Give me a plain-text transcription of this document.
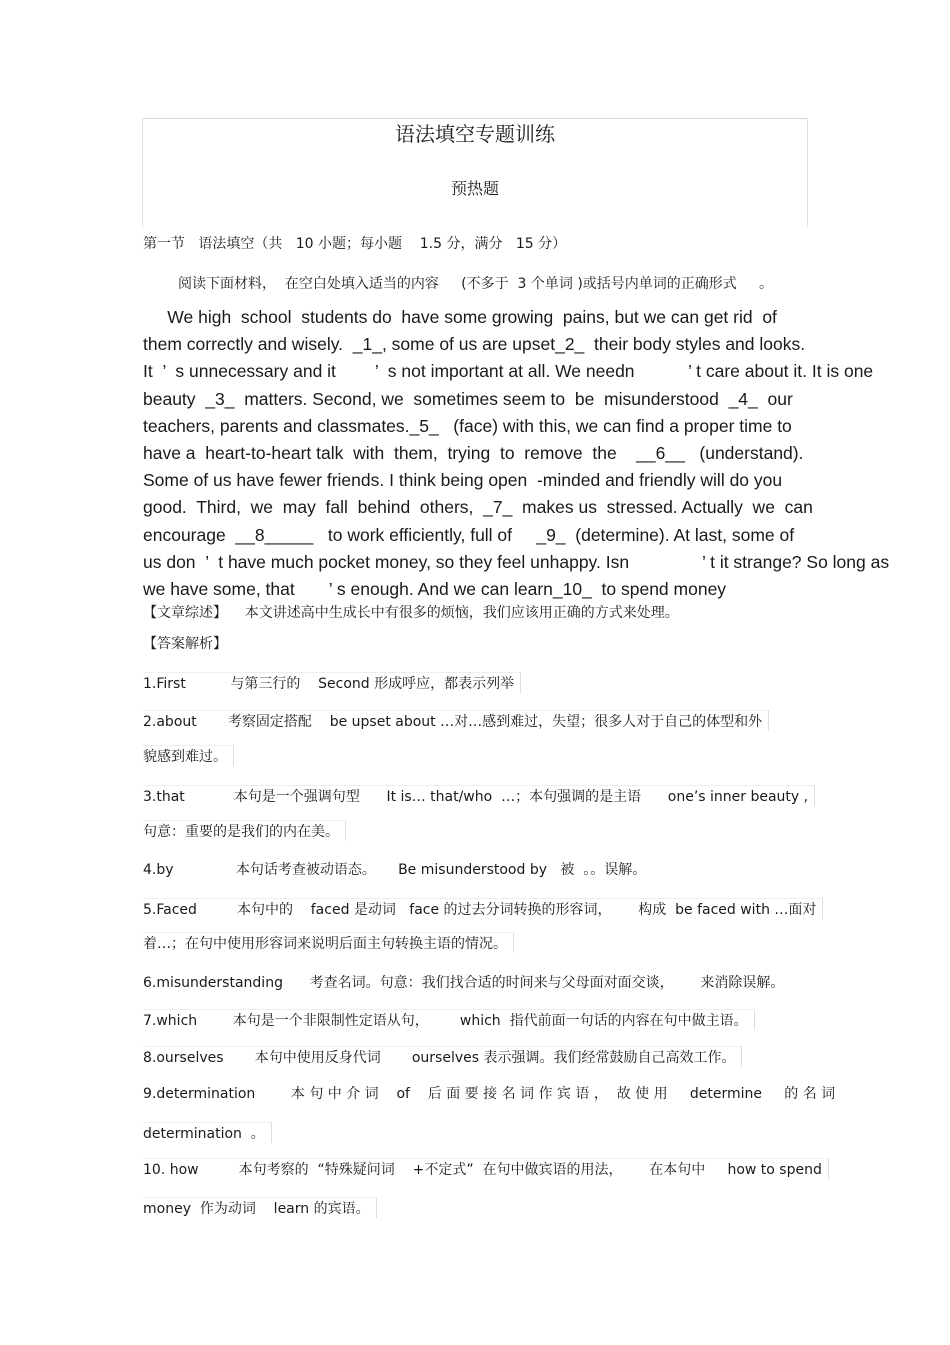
语法填空专题训练
预热题
第一节   语法填空（共   10 小题；每小题    1.5 分，满分   15 分）
阅读下面材料，  在空白处填入适当的内容     (不多于  3 个单词 )或括号内单词的正确形式     。
We high  school  students do  have some growing  pains, but we can get rid  of
them correctly and wisely.  _1_, some of us are upset_2_  their body styles and looks.
It  ’  s unnecessary and it        ’  s not important at all. We needn           ’ t care about it. It is one
beauty  _3_  matters. Second, we  sometimes seem to  be  misunderstood  _4_  our
teachers, parents and classmates._5_   (face) with this, we can find a proper time to
have a  heart-to-heart talk  with  them,  trying  to  remove  the    __6__   (understand).
Some of us have fewer friends. I think being open  -minded and friendly will do you
good.  Third,  we  may  fall  behind  others,  _7_  makes us  stressed. Actually  we  can
encourage  __8_____   to work efficiently, full of     _9_  (determine). At last, some of
us don  ’  t have much pocket money, so they feel unhappy. Isn               ’ t it strange? So long as
we have some, that       ’ s enough. And we can learn_10_  to spend money
【文章综述】    本文讲述高中生成长中有很多的烦恼，我们应该用正确的方式来处理。
【答案解析】
1.First          与第三行的    Second 形成呼应，都表示列举
2.about       考察固定搭配    be upset about …对…感到难过，失望；很多人对于自己的体型和外
貌感到难过。
3.that           本句是一个强调句型      It is… that/who  …；本句强调的是主语      one’s inner beauty ,
句意：重要的是我们的内在美。
4.by              本句话考查被动语态。     Be misunderstood by   被  。。误解。
5.Faced         本句中的    faced 是动词   face 的过去分词转换的形容词，      构成  be faced with …面对
着…；在句中使用形容词来说明后面主句转换主语的情况。
6.misunderstanding      考查名词。句意：我们找合适的时间来与父母面对面交谈，      来消除误解。
7.which        本句是一个非限制性定语从句，       which  指代前面一句话的内容在句中做主语。
8.ourselves       本句中使用反身代词       ourselves 表示强调。我们经常鼓励自己高效工作。
9.determination        本 句 中 介 词    of    后 面 要 接 名 词 作 宾 语 ，  故 使 用     determine     的 名 词
determination  。
10. how         本句考察的  “特殊疑问词    +不定式”  在句中做宾语的用法，      在本句中     how to spend
money  作为动词    learn 的宾语。
